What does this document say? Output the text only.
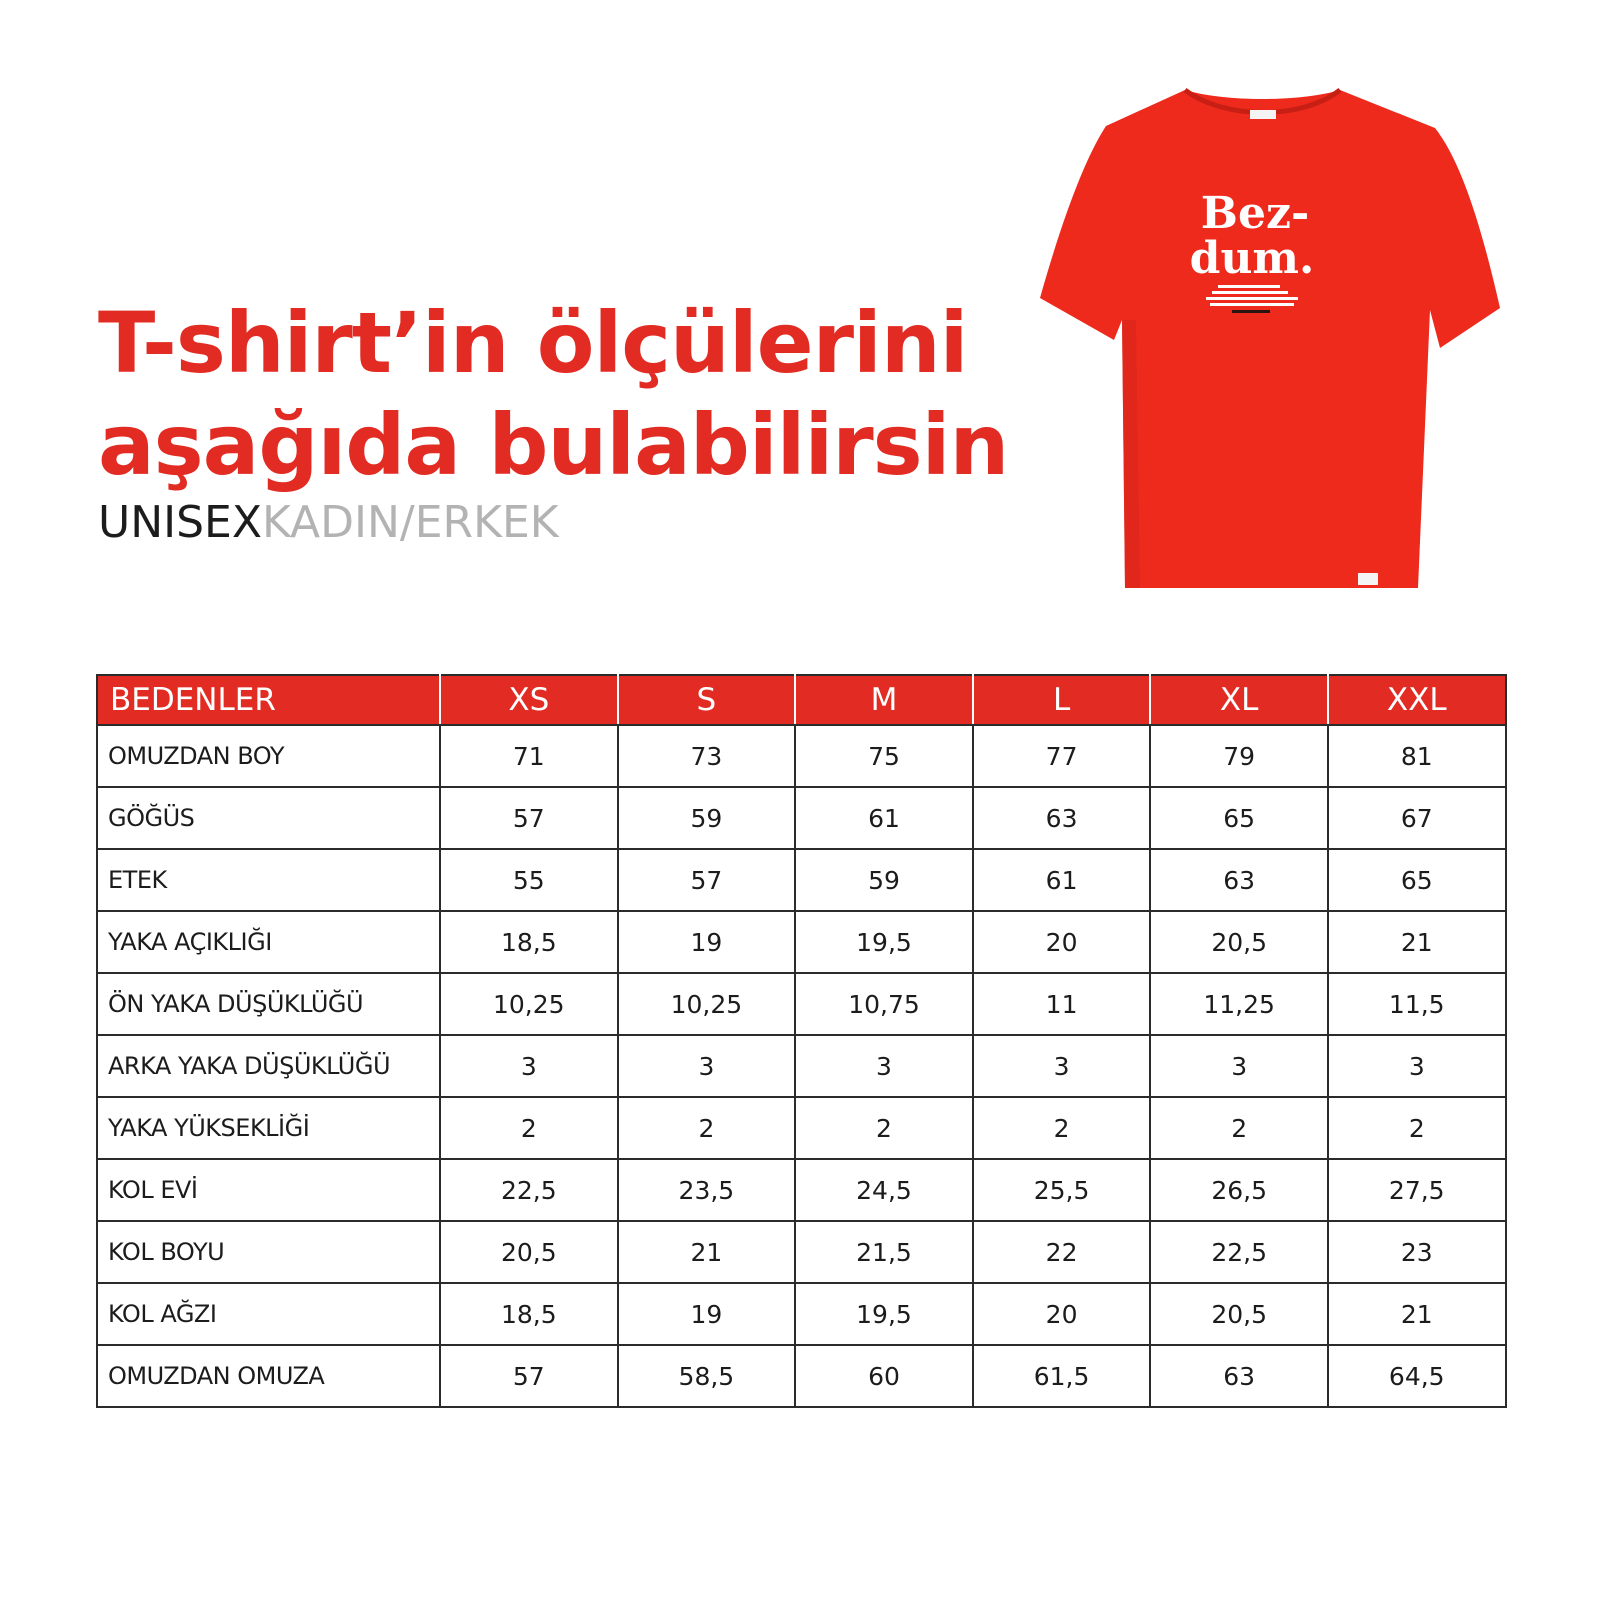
T-shirt’in ölçülerini
aşağıda bulabilirsin
UNISEXKADIN/ERKEK
Bez-
dum.
BEDENLER	XS	S	M	L	XL	XXL
OMUZDAN BOY	71	73	75	77	79	81
GÖĞÜS	57	59	61	63	65	67
ETEK	55	57	59	61	63	65
YAKA AÇIKLIĞI	18,5	19	19,5	20	20,5	21
ÖN YAKA DÜŞÜKLÜĞÜ	10,25	10,25	10,75	11	11,25	11,5
ARKA YAKA DÜŞÜKLÜĞÜ	3	3	3	3	3	3
YAKA YÜKSEKLİĞİ	2	2	2	2	2	2
KOL EVİ	22,5	23,5	24,5	25,5	26,5	27,5
KOL BOYU	20,5	21	21,5	22	22,5	23
KOL AĞZI	18,5	19	19,5	20	20,5	21
OMUZDAN OMUZA	57	58,5	60	61,5	63	64,5
